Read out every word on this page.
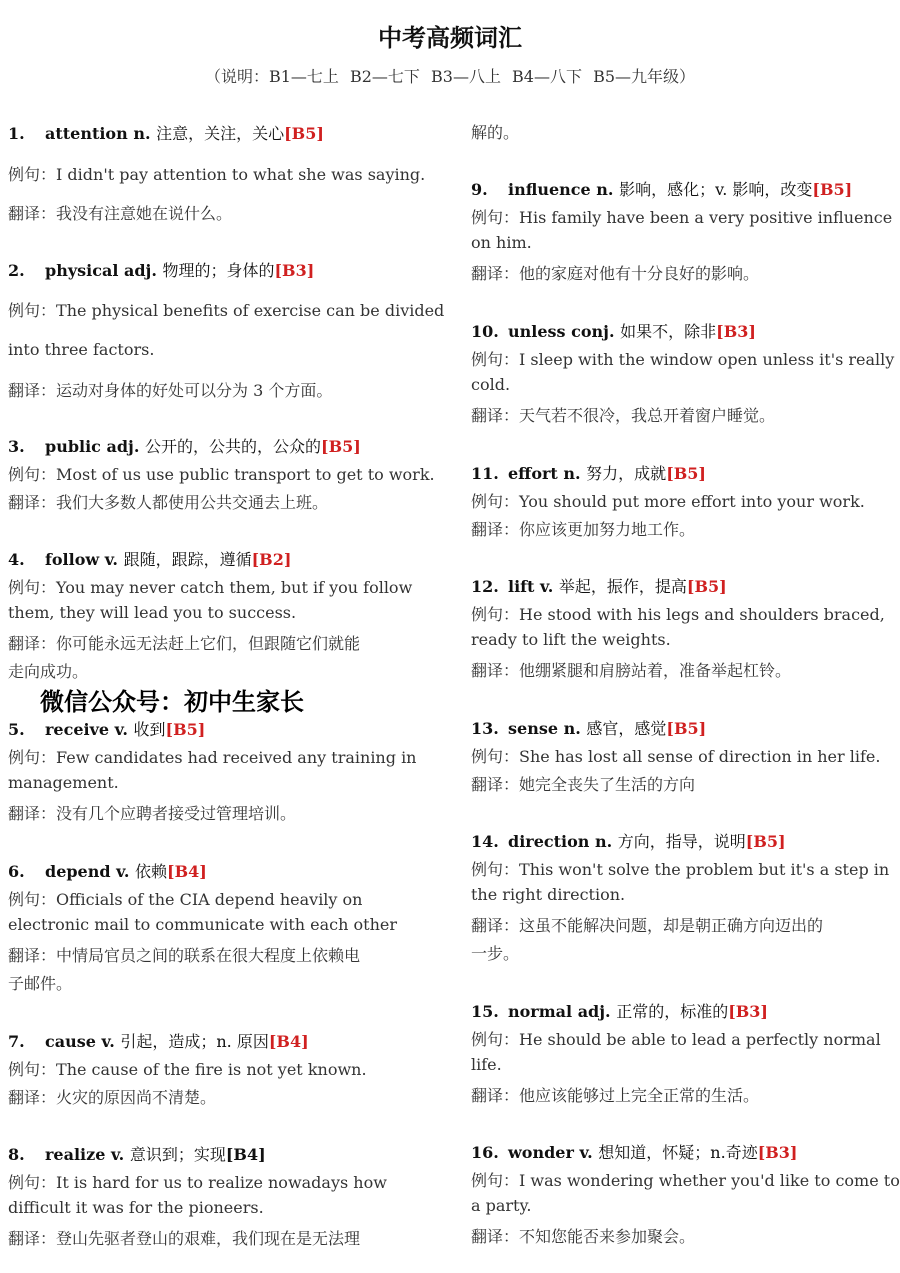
中考高频词汇
（说明：B1—七上 B2—七下 B3—八上 B4—八下 B5—九年级）
微信公众号：初中生家长
1. attention n. 注意，关注，关心[B5]
例句：I didn't pay attention to what she was saying.
翻译：我没有注意她在说什么。
2. physical adj. 物理的；身体的[B3]
例句：The physical benefits of exercise can be divided
into three factors.
翻译：运动对身体的好处可以分为 3 个方面。
3. public adj. 公开的，公共的，公众的[B5]
例句：Most of us use public transport to get to work.
翻译：我们大多数人都使用公共交通去上班。
4. follow v. 跟随，跟踪，遵循[B2]
例句：You may never catch them, but if you follow
them, they will lead you to success.
翻译：你可能永远无法赶上它们，但跟随它们就能
走向成功。
5. receive v. 收到[B5]
例句：Few candidates had received any training in
management.
翻译：没有几个应聘者接受过管理培训。
6. depend v. 依赖[B4]
例句：Officials of the CIA depend heavily on
electronic mail to communicate with each other
翻译：中情局官员之间的联系在很大程度上依赖电
子邮件。
7. cause v. 引起，造成；n. 原因[B4]
例句：The cause of the fire is not yet known.
翻译：火灾的原因尚不清楚。
8. realize v. 意识到；实现[B4]
例句：It is hard for us to realize nowadays how
difficult it was for the pioneers.
翻译：登山先驱者登山的艰难，我们现在是无法理
解的。
9. influence n. 影响，感化；v. 影响，改变[B5]
例句：His family have been a very positive influence
on him.
翻译：他的家庭对他有十分良好的影响。
10. unless conj. 如果不，除非[B3]
例句：I sleep with the window open unless it's really
cold.
翻译：天气若不很冷，我总开着窗户睡觉。
11. effort n. 努力，成就[B5]
例句：You should put more effort into your work.
翻译：你应该更加努力地工作。
12. lift v. 举起，振作，提高[B5]
例句：He stood with his legs and shoulders braced,
ready to lift the weights.
翻译：他绷紧腿和肩膀站着，准备举起杠铃。
13. sense n. 感官，感觉[B5]
例句：She has lost all sense of direction in her life.
翻译：她完全丧失了生活的方向
14. direction n. 方向，指导，说明[B5]
例句：This won't solve the problem but it's a step in
the right direction.
翻译：这虽不能解决问题，却是朝正确方向迈出的
一步。
15. normal adj. 正常的，标准的[B3]
例句：He should be able to lead a perfectly normal
life.
翻译：他应该能够过上完全正常的生活。
16. wonder v. 想知道，怀疑；n.奇迹[B3]
例句：I was wondering whether you'd like to come to
a party.
翻译：不知您能否来参加聚会。
